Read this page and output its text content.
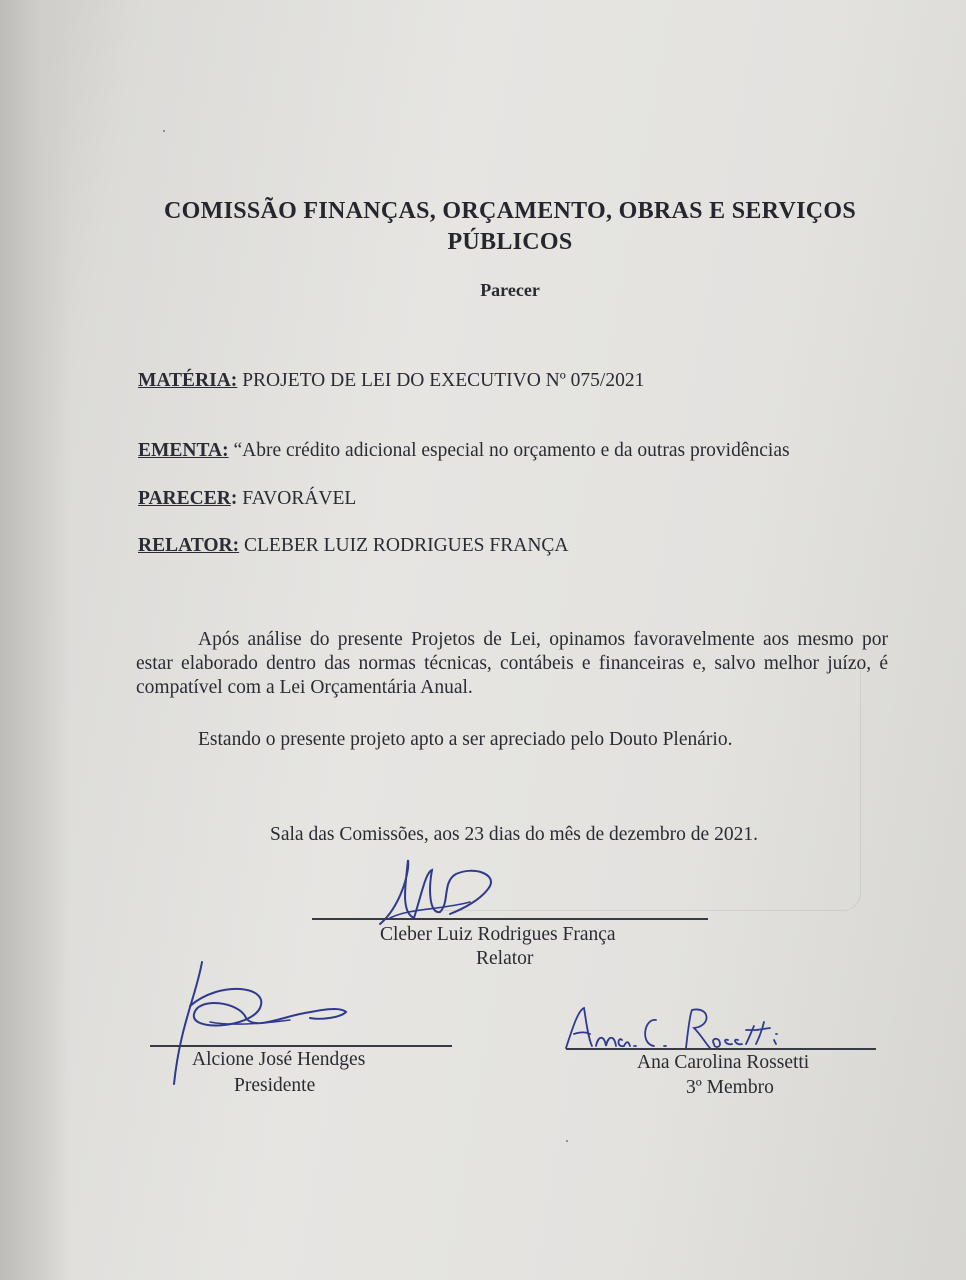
COMISSÃO FINANÇAS, ORÇAMENTO, OBRAS E SERVIÇOS
PÚBLICOS
Parecer
MATÉRIA: PROJETO DE LEI DO EXECUTIVO Nº 075/2021
EMENTA: “Abre crédito adicional especial no orçamento e da outras providências
PARECER: FAVORÁVEL
RELATOR: CLEBER LUIZ RODRIGUES FRANÇA
Após análise do presente Projetos de Lei, opinamos favoravelmente aos mesmo por estar elaborado dentro das normas técnicas, contábeis e financeiras e, salvo melhor juízo, é compatível com a Lei Orçamentária Anual.
Estando o presente projeto apto a ser apreciado pelo Douto Plenário.
Sala das Comissões, aos 23 dias do mês de dezembro de 2021.
Cleber Luiz Rodrigues França
Relator
Alcione José Hendges
Presidente
Ana Carolina Rossetti
3º Membro
